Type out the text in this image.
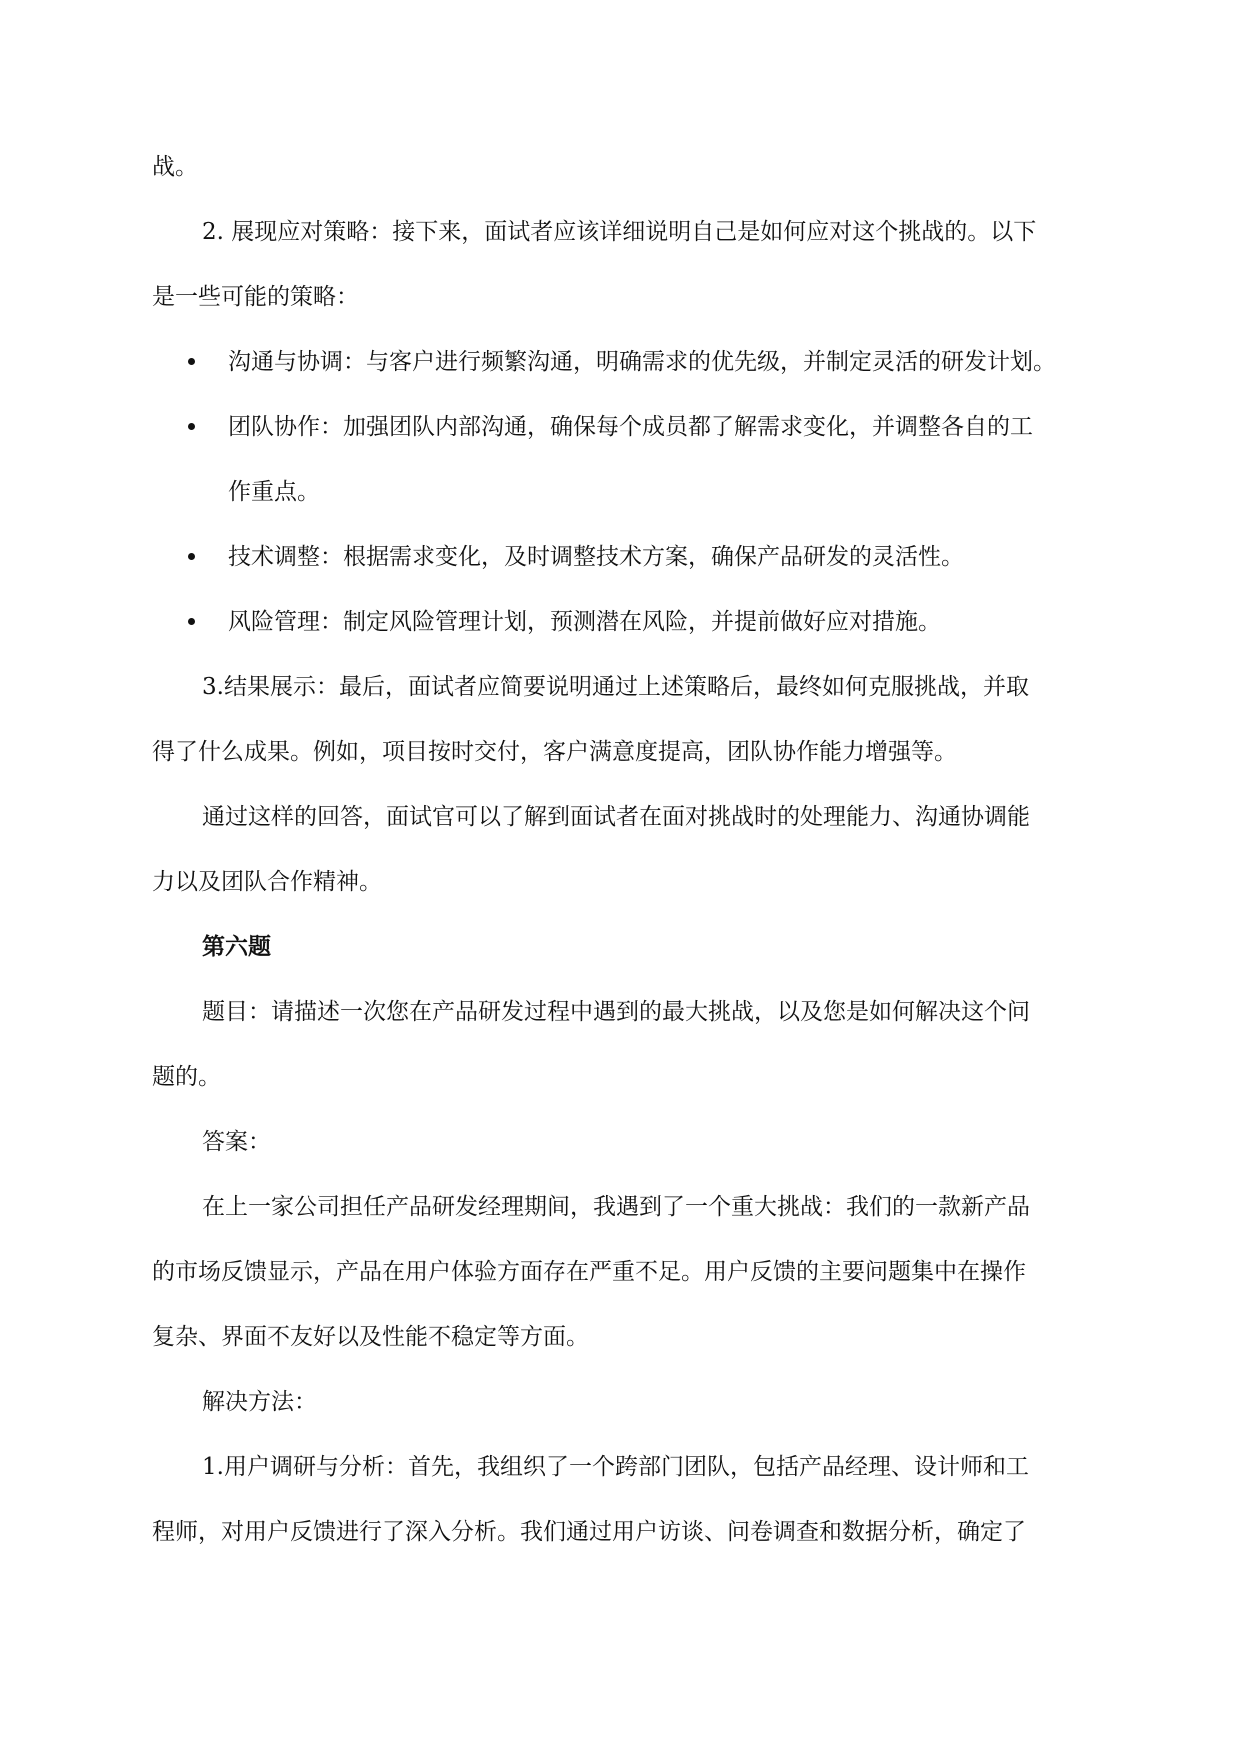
战。
2. 展现应对策略：接下来，面试者应该详细说明自己是如何应对这个挑战的。以下
是一些可能的策略：
沟通与协调：与客户进行频繁沟通，明确需求的优先级，并制定灵活的研发计划。
团队协作：加强团队内部沟通，确保每个成员都了解需求变化，并调整各自的工
作重点。
技术调整：根据需求变化，及时调整技术方案，确保产品研发的灵活性。
风险管理：制定风险管理计划，预测潜在风险，并提前做好应对措施。
3.结果展示：最后，面试者应简要说明通过上述策略后，最终如何克服挑战，并取
得了什么成果。例如，项目按时交付，客户满意度提高，团队协作能力增强等。
通过这样的回答，面试官可以了解到面试者在面对挑战时的处理能力、沟通协调能
力以及团队合作精神。
第六题
题目：请描述一次您在产品研发过程中遇到的最大挑战，以及您是如何解决这个问
题的。
答案：
在上一家公司担任产品研发经理期间，我遇到了一个重大挑战：我们的一款新产品
的市场反馈显示，产品在用户体验方面存在严重不足。用户反馈的主要问题集中在操作
复杂、界面不友好以及性能不稳定等方面。
解决方法：
1.用户调研与分析：首先，我组织了一个跨部门团队，包括产品经理、设计师和工
程师，对用户反馈进行了深入分析。我们通过用户访谈、问卷调查和数据分析，确定了
